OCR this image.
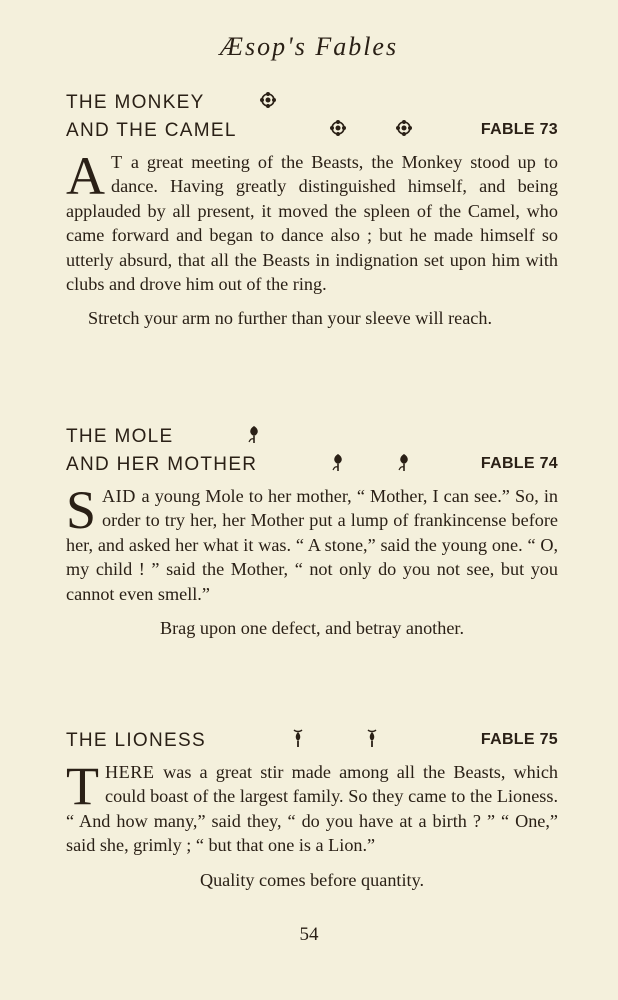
Æsop's Fables
THE MONKEY
AND THE CAMEL	FABLE 73
A T a great meeting of the Beasts, the Monkey stood up to dance. Having greatly distinguished himself, and being applauded by all present, it moved the spleen of the Camel, who came forward and began to dance also ; but he made himself so utterly absurd, that all the Beasts in indignation set upon him with clubs and drove him out of the ring.
Stretch your arm no further than your sleeve will reach.
THE MOLE
AND HER MOTHER	FABLE 74
S AID a young Mole to her mother, “ Mother, I can see.” So, in order to try her, her Mother put a lump of frankincense before her, and asked her what it was. “ A stone,” said the young one. “ O, my child ! ” said the Mother, “ not only do you not see, but you cannot even smell.”
Brag upon one defect, and betray another.
THE LIONESS	FABLE 75
T HERE was a great stir made among all the Beasts, which could boast of the largest family. So they came to the Lioness. “ And how many,” said they, “ do you have at a birth ? ” “ One,” said she, grimly ; “ but that one is a Lion.”
Quality comes before quantity.
54
